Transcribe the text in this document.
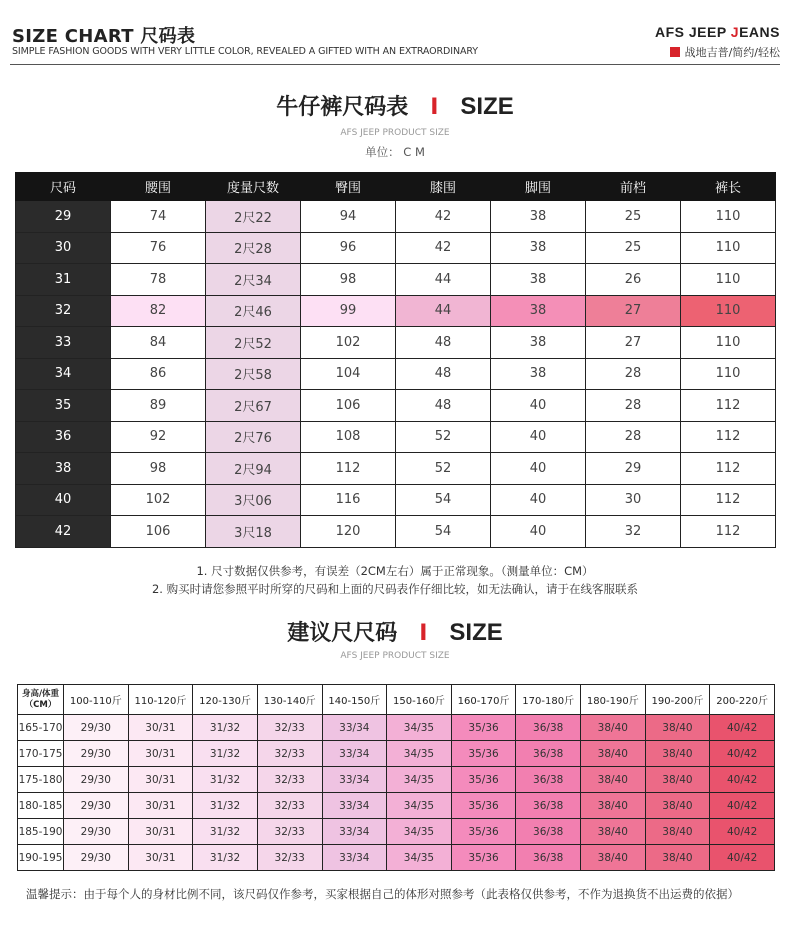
SIZE CHART 尺码表
SIMPLE FASHION GOODS WITH VERY LITTLE COLOR, REVEALED A GIFTED WITH AN EXTRAORDINARY
AFS JEEP JEANS
战地吉普/简约/轻松
牛仔裤尺码表 I SIZE
AFS JEEP PRODUCT SIZE
单位： C M
尺码	腰围	度量尺数	臀围	膝围	脚围	前档	裤长
29	74	2尺22	94	42	38	25	110
30	76	2尺28	96	42	38	25	110
31	78	2尺34	98	44	38	26	110
32	82	2尺46	99	44	38	27	110
33	84	2尺52	102	48	38	27	110
34	86	2尺58	104	48	38	28	110
35	89	2尺67	106	48	40	28	112
36	92	2尺76	108	52	40	28	112
38	98	2尺94	112	52	40	29	112
40	102	3尺06	116	54	40	30	112
42	106	3尺18	120	54	40	32	112
1. 尺寸数据仅供参考，有误差（2CM左右）属于正常现象。（测量单位：CM）
2. 购买时请您参照平时所穿的尺码和上面的尺码表作仔细比较，如无法确认，请于在线客服联系
建议尺尺码 I SIZE
AFS JEEP PRODUCT SIZE
身高/体重
（CM）	100-110斤	110-120斤	120-130斤	130-140斤	140-150斤	150-160斤	160-170斤	170-180斤	180-190斤	190-200斤	200-220斤
165-170	29/30	30/31	31/32	32/33	33/34	34/35	35/36	36/38	38/40	38/40	40/42
170-175	29/30	30/31	31/32	32/33	33/34	34/35	35/36	36/38	38/40	38/40	40/42
175-180	29/30	30/31	31/32	32/33	33/34	34/35	35/36	36/38	38/40	38/40	40/42
180-185	29/30	30/31	31/32	32/33	33/34	34/35	35/36	36/38	38/40	38/40	40/42
185-190	29/30	30/31	31/32	32/33	33/34	34/35	35/36	36/38	38/40	38/40	40/42
190-195	29/30	30/31	31/32	32/33	33/34	34/35	35/36	36/38	38/40	38/40	40/42
温馨提示：由于每个人的身材比例不同，该尺码仅作参考，买家根据自己的体形对照参考（此表格仅供参考，不作为退换货不出运费的依据）
